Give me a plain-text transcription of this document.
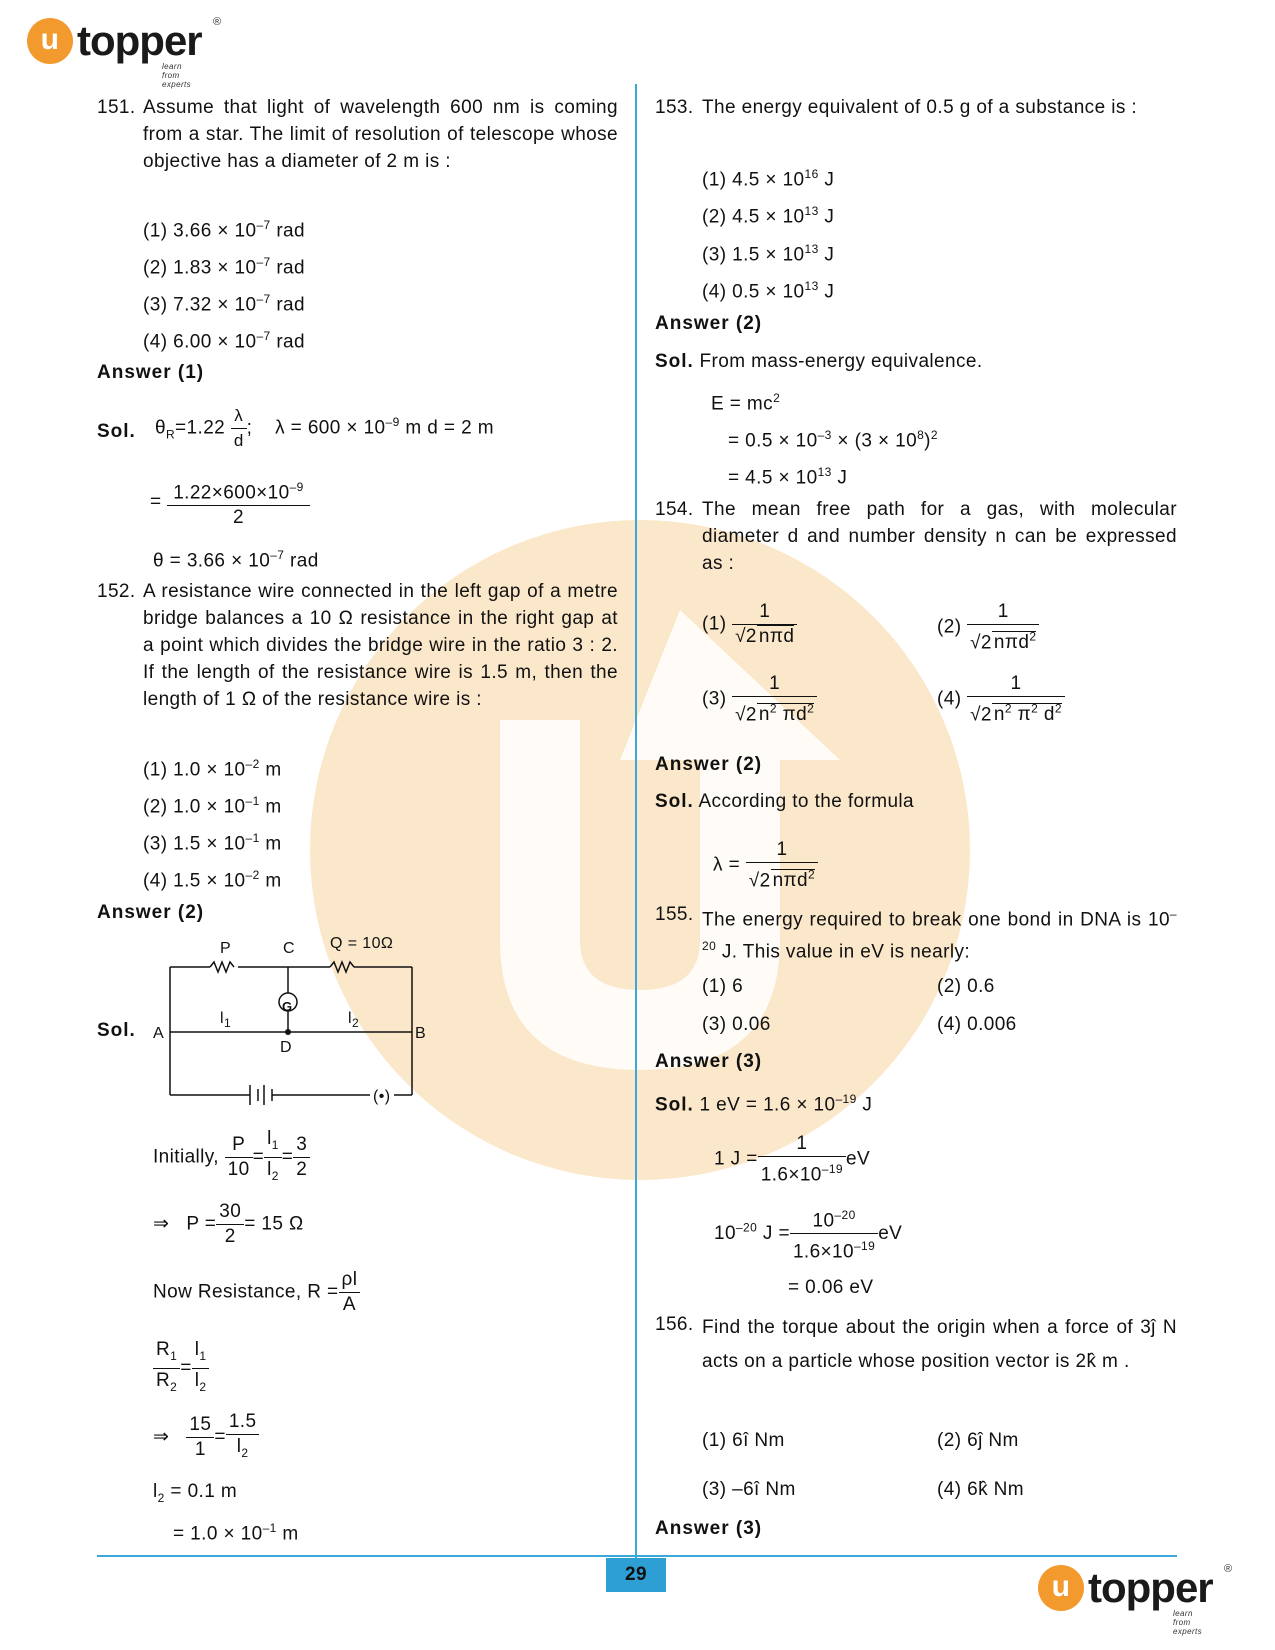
u topper ®
learn from experts
29	u topper ®
learn from experts
151. Assume that light of wavelength 600 nm is coming from a star. The limit of resolution of telescope whose objective has a diameter of 2 m is :
(1) $3.66 \times 10^{-7}$ rad
(2) $1.83 \times 10^{-7}$ rad
(3) $7.32 \times 10^{-7}$ rad
(4) $6.00 \times 10^{-7}$ rad
Answer (1)
Sol. $\theta_R=1.22 \frac{\lambda}{d}$ ; $\lambda = 600 \times 10^{-9}$ m d = 2 m
= $\frac{1.22\times 600\times 10^{-9}}{2}$
$\theta = 3.66 \times 10^{-7}$ rad
152. A resistance wire connected in the left gap of a metre bridge balances a 10 Ω resistance in the right gap at a point which divides the bridge wire in the ratio 3 : 2. If the length of the resistance wire is 1.5 m, then the length of 1 Ω of the resistance wire is :
(1) $1.0 \times 10^{-2}$ m
(2) $1.0 \times 10^{-1}$ m
(3) $1.5 \times 10^{-1}$ m
(4) $1.5 \times 10^{-2}$ m
Answer (2)
Sol.
P	C Q = 10Ω
G
$l_1$	$l_2$
A	B
D
(•)
Initially, $\frac{P}{10} = \frac{l_1}{l_2} = \frac{3}{2}$
⇒ $P = \frac{30}{2} = 15$ Ω
Now Resistance, $R = \frac{\rho l}{A}$
$\frac{R_1}{R_2} = \frac{l_1}{l_2}$
⇒ $\frac{15}{1} = \frac{1.5}{l_2}$
$l_2 = 0.1$ m
= $1.0 \times 10^{-1}$ m
153. The energy equivalent of 0.5 g of a substance is :
(1) $4.5 \times 10^{16}$ J
(2) $4.5 \times 10^{13}$ J
(3) $1.5 \times 10^{13}$ J
(4) $0.5 \times 10^{13}$ J
Answer (2)
Sol. From mass-energy equivalence.
$E = mc^2$
= $0.5 \times 10^{-3} \times (3 \times 10^8)^2$
= $4.5 \times 10^{13}$ J
154. The mean free path for a gas, with molecular diameter d and number density n can be expressed as :
$(1) \frac{1}{\text{√2 nπd}}$	$(2) \frac{1}{√2 n\pi d^2}$
$(3) \frac{1}{√2 n^2 \pi d^2}$	$(4) \frac{1}{√2 n^2 \pi^2 d^2}$
Answer (2)
Sol. According to the formula
$\lambda = \frac{1}{√2 n\pi d^2}$
155. The energy required to break one bond in DNA is $10^{-20}$ J. This value in eV is nearly:
(1) 6	(2) 0.6
(3) 0.06	(4) 0.006
Answer (3)
Sol. 1 eV = $1.6 \times 10^{-19}$ J
1 $J = \frac{1}{1.6\times 10^{-19}}$ eV
$10^{-20}$ $J = \frac{10^{-20}}{1.6\times 10^{-19}}$ eV
= 0.06 eV
156. Find the torque about the origin when a force of 3ĵ N acts on a particle whose position vector is 2k̂ m .
(1) 6î Nm	(2) 6ĵ Nm
(3) –6î Nm	(4) 6k̂ Nm
Answer (3)
